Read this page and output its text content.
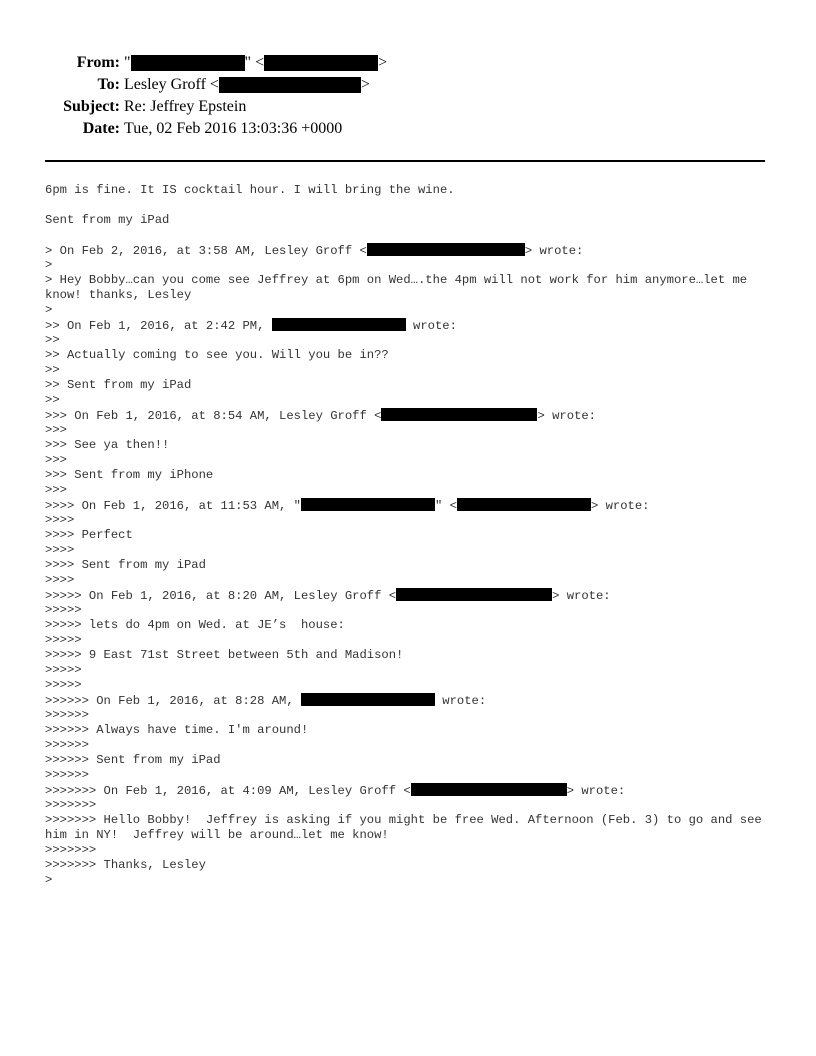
From: "	" <	>
To: Lesley Groff <	>
Subject: Re: Jeffrey Epstein
Date: Tue, 02 Feb 2016 13:03:36 +0000
6pm is fine. It IS cocktail hour. I will bring the wine.
Sent from my iPad
> On Feb 2, 2016, at 3:58 AM, Lesley Groff <	> wrote:
>
> Hey Bobby…can you come see Jeffrey at 6pm on Wed….the 4pm will not work for him anymore…let me know! thanks, Lesley
>
>> On Feb 1, 2016, at 2:42 PM,	wrote:
>>
>> Actually coming to see you. Will you be in??
>>
>> Sent from my iPad
>>
>>> On Feb 1, 2016, at 8:54 AM, Lesley Groff <	> wrote:
>>>
>>> See ya then!!
>>>
>>> Sent from my iPhone
>>>
>>>> On Feb 1, 2016, at 11:53 AM, "	" <	> wrote:
>>>>
>>>> Perfect
>>>>
>>>> Sent from my iPad
>>>>
>>>>> On Feb 1, 2016, at 8:20 AM, Lesley Groff <	> wrote:
>>>>>
>>>>> lets do 4pm on Wed. at JE’s  house:
>>>>>
>>>>> 9 East 71st Street between 5th and Madison!
>>>>>
>>>>>
>>>>>> On Feb 1, 2016, at 8:28 AM,	wrote:
>>>>>>
>>>>>> Always have time. I'm around!
>>>>>>
>>>>>> Sent from my iPad
>>>>>>
>>>>>>> On Feb 1, 2016, at 4:09 AM, Lesley Groff <	> wrote:
>>>>>>>
>>>>>>> Hello Bobby!  Jeffrey is asking if you might be free Wed. Afternoon (Feb. 3) to go and see him in NY!  Jeffrey will be around…let me know!
>>>>>>>
>>>>>>> Thanks, Lesley
>
